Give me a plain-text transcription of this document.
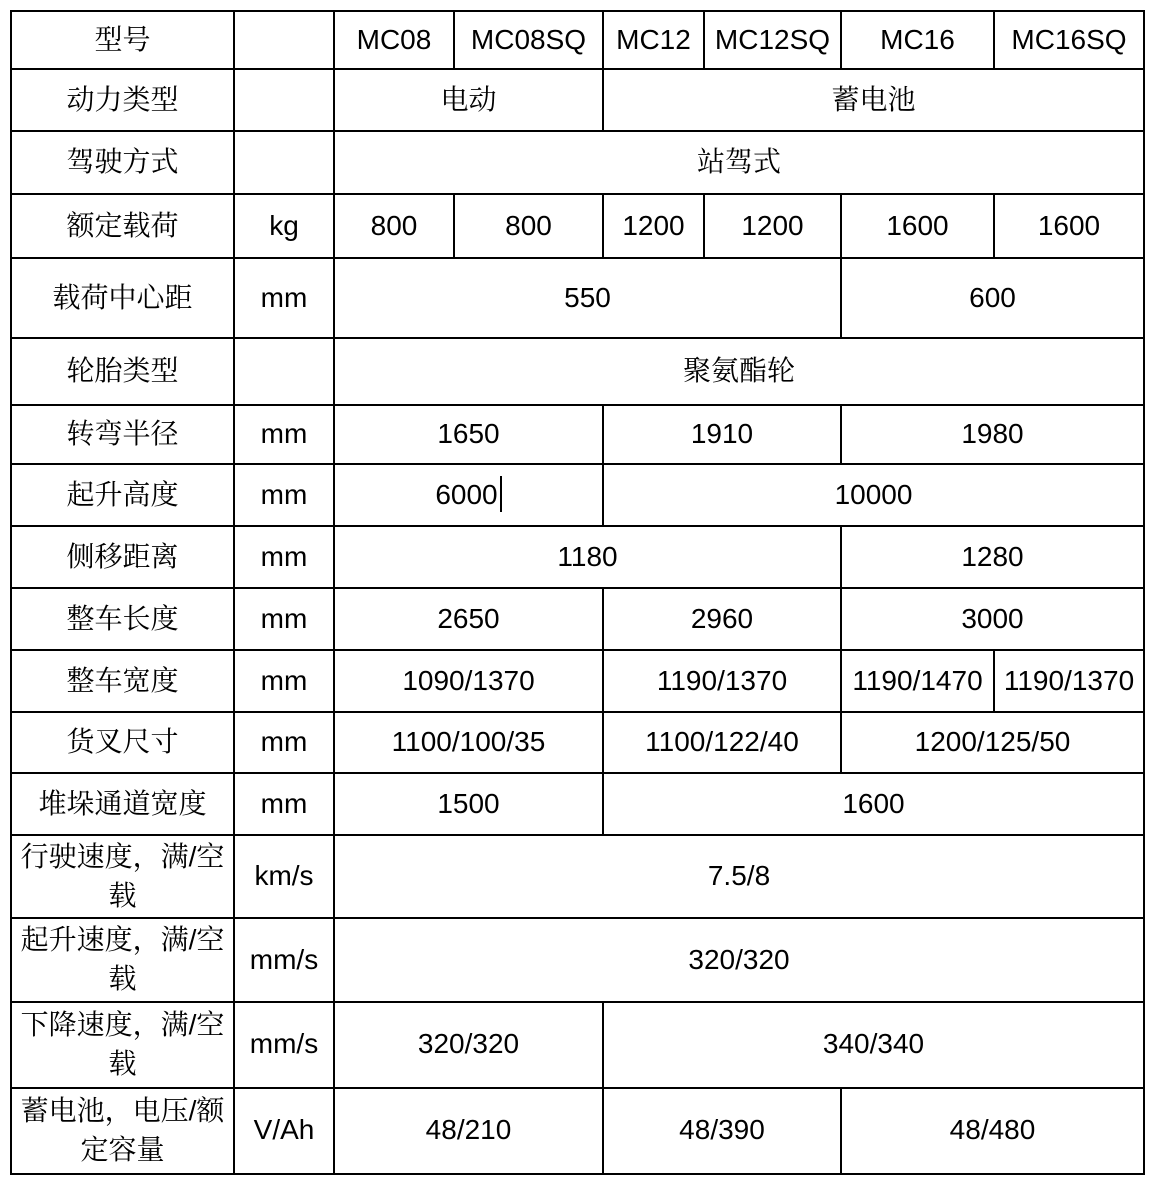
型号		MC08	MC08SQ	MC12	MC12SQ	MC16	MC16SQ
动力类型		电动		蓄电池			
驾驶方式		站驾式					
额定载荷	kg	800	800	1200	1200	1600	1600
载荷中心距	mm	550				600	
轮胎类型		聚氨酯轮					
转弯半径	mm	1650		1910		1980	
起升高度	mm	6000		10000			
侧移距离	mm	1180				1280	
整车长度	mm	2650		2960		3000	
整车宽度	mm	1090/1370		1190/1370		1190/1470	1190/1370
货叉尺寸	mm	1100/100/35		1100/122/40		1200/125/50	
堆垛通道宽度	mm	1500		1600			
行驶速度，满/空载	km/s	7.5/8					
起升速度，满/空载	mm/s	320/320					
下降速度，满/空载	mm/s	320/320		340/340			
蓄电池，电压/额定容量	V/Ah	48/210		48/390		48/480	
